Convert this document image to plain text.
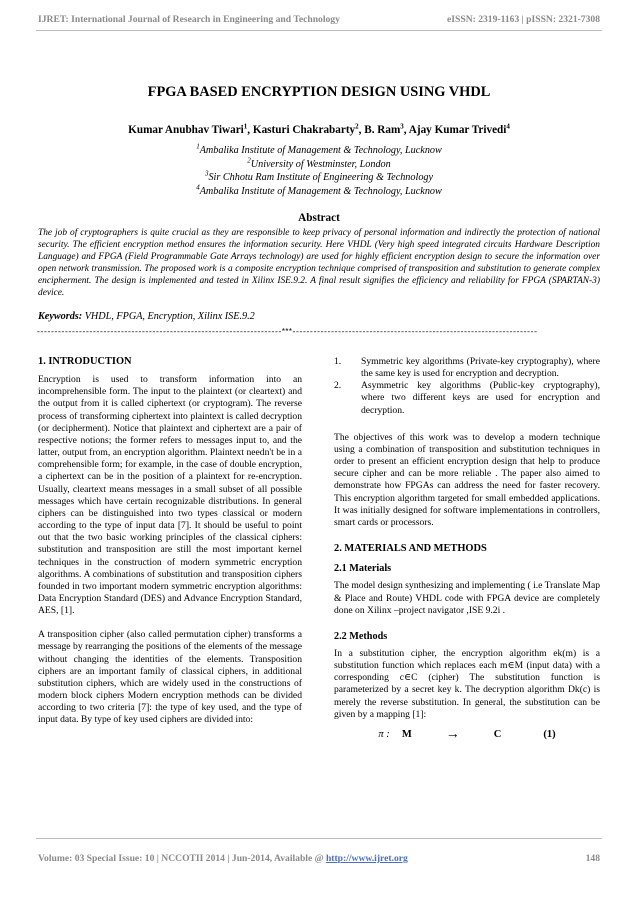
IJRET: International Journal of Research in Engineering and Technology	eISSN: 2319-1163 | pISSN: 2321-7308
FPGA BASED ENCRYPTION DESIGN USING VHDL
Kumar Anubhav Tiwari$^1$, Kasturi Chakrabarty$^2$, B. Ram$^3$, Ajay Kumar Trivedi$^4$
$^1$Ambalika Institute of Management & Technology, Lucknow
$^2$University of Westminster, London
$^3$Sir Chhotu Ram Institute of Engineering & Technology
$^4$Ambalika Institute of Management & Technology, Lucknow
Abstract
The job of cryptographers is quite crucial as they are responsible to keep privacy of personal information and indirectly the protection of national security. The efficient encryption method ensures the information security. Here VHDL (Very high speed integrated circuits Hardware Description Language) and FPGA (Field Programmable Gate Arrays technology) are used for highly efficient encryption design to secure the information over open network transmission. The proposed work is a composite encryption technique comprised of transposition and substitution to generate complex encipherment. The design is implemented and tested in Xilinx ISE.9.2. A final result signifies the efficiency and reliability for FPGA (SPARTAN-3) device.
Keywords: VHDL, FPGA, Encryption, Xilinx ISE.9.2
----------------------------------------------------------------------***----------------------------------------------------------------------
1. INTRODUCTION

Encryption is used to transform information into an incomprehensible form. The input to the plaintext (or cleartext) and the output from it is called ciphertext (or cryptogram). The reverse process of transforming ciphertext into plaintext is called decryption (or decipherment). Notice that plaintext and ciphertext are a pair of respective notions; the former refers to messages input to, and the latter, output from, an encryption algorithm. Plaintext needn't be in a comprehensible form; for example, in the case of double encryption, a ciphertext can be in the position of a plaintext for re-encryption. Usually, cleartext means messages in a small subset of all possible messages which have certain recognizable distributions. In general ciphers can be distinguished into two types classical or modern according to the type of input data [7]. It should be useful to point out that the two basic working principles of the classical ciphers: substitution and transposition are still the most important kernel techniques in the construction of modern symmetric encryption algorithms. A combinations of substitution and transposition ciphers founded in two important modern symmetric encryption algorithms: Data Encryption Standard (DES) and Advance Encryption Standard, AES, [1].

A transposition cipher (also called permutation cipher) transforms a message by rearranging the positions of the elements of the message without changing the identities of the elements. Transposition ciphers are an important family of classical ciphers, in additional substitution ciphers, which are widely used in the constructions of modern block ciphers Modern encryption methods can be divided according to two criteria [7]: the type of key used, and the type of input data. By type of key used ciphers are divided into:

1.	Symmetric key algorithms (Private-key cryptography), where the same key is used for encryption and decryption.
2.	Asymmetric key algorithms (Public-key cryptography), where two different keys are used for encryption and decryption.

The objectives of this work was to develop a modern technique using a combination of transposition and substitution techniques in order to present an efficient encryption design that help to produce secure cipher and can be more reliable . The paper also aimed to demonstrate how FPGAs can address the need for faster recovery. This encryption algorithm targeted for small embedded applications. It was initially designed for software implementations in controllers, smart cards or processors.

2. MATERIALS AND METHODS
2.1 Materials

The model design synthesizing and implementing ( i.e Translate Map & Place and Route) VHDL code with FPGA device are completely done on Xilinx –project navigator ,ISE 9.2i .

2.2 Methods

In a substitution cipher, the encryption algorithm ek(m) is a substitution function which replaces each m∈M (input data) with a corresponding c∈C (cipher) The substitution function is parameterized by a secret key k. The decryption algorithm Dk(c) is merely the reverse substitution. In general, the substitution can be given by a mapping [1]:

π : M	→	C	(1)
Volume: 03 Special Issue: 10 | NCCOTII 2014 | Jun-2014, Available @ http://www.ijret.org	148
